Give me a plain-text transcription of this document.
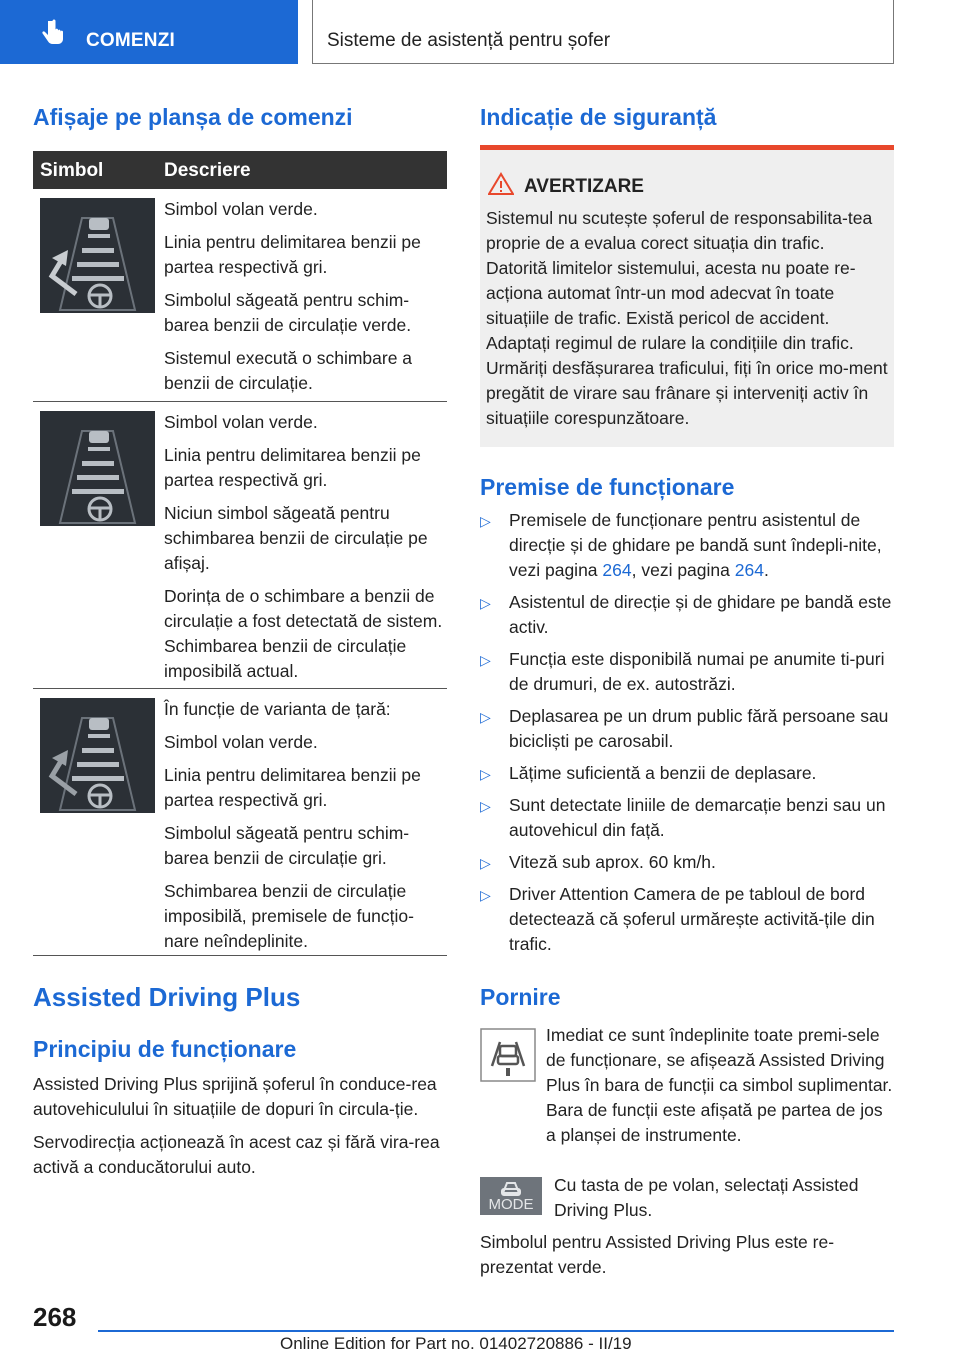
COMENZI	Sisteme de asistență pentru șofer
Afișaje pe planșa de comenzi
Simbol	Descriere

Simbol volan verde.

Linia pentru delimitarea benzii pe partea respectivă gri.

Simbolul săgeată pentru schim-barea benzii de circulație verde.

Sistemul execută o schimbare a benzii de circulație.

Simbol volan verde.

Linia pentru delimitarea benzii pe partea respectivă gri.

Niciun simbol săgeată pentru schimbarea benzii de circulație pe afișaj.

Dorința de o schimbare a benzii de circulație a fost detectată de sistem. Schimbarea benzii de circulație imposibilă actual.

În funcție de varianta de țară:

Simbol volan verde.

Linia pentru delimitarea benzii pe partea respectivă gri.

Simbolul săgeată pentru schim-barea benzii de circulație gri.

Schimbarea benzii de circulație imposibilă, premisele de funcțio-nare neîndeplinite.

Assisted Driving Plus
Principiu de funcționare

Assisted Driving Plus sprijină șoferul în conduce-rea autovehiculului în situațiile de dopuri în circula-ție.

Servodirecția acționează în acest caz și fără vira-rea activă a conducătorului auto.

Indicație de siguranță
AVERTIZARE
Sistemul nu scutește șoferul de responsabilita-tea proprie de a evalua corect situația din trafic. Datorită limitelor sistemului, acesta nu poate re-acționa automat într-un mod adecvat în toate situațiile de trafic. Există pericol de accident. Adaptați regimul de rulare la condițiile din trafic. Urmăriți desfășurarea traficului, fiți în orice mo-ment pregătit de virare sau frânare și interveniți activ în situațiile corespunzătoare.
Premise de funcționare
▷ Premisele de funcționare pentru asistentul de direcție și de ghidare pe bandă sunt îndepli-nite, vezi pagina 264, vezi pagina 264.
▷ Asistentul de direcție și de ghidare pe bandă este activ.
▷ Funcția este disponibilă numai pe anumite ti-puri de drumuri, de ex. autostrăzi.
▷ Deplasarea pe un drum public fără persoane sau bicicliști pe carosabil.
▷ Lățime suficientă a benzii de deplasare.
▷ Sunt detectate liniile de demarcație benzi sau un autovehicul din față.
▷ Viteză sub aprox. 60 km/h.
▷ Driver Attention Camera de pe tabloul de bord detectează că șoferul urmărește activită-țile din trafic.
Pornire

Imediat ce sunt îndeplinite toate premi-sele de funcționare, se afișează Assisted Driving Plus în bara de funcții ca simbol suplimentar. Bara de funcții este afișată pe partea de jos a planșei de instrumente.

MODE

Cu tasta de pe volan, selectați Assisted Driving Plus.

Simbolul pentru Assisted Driving Plus este re-prezentat verde.

268
Online Edition for Part no. 01402720886 - II/19
